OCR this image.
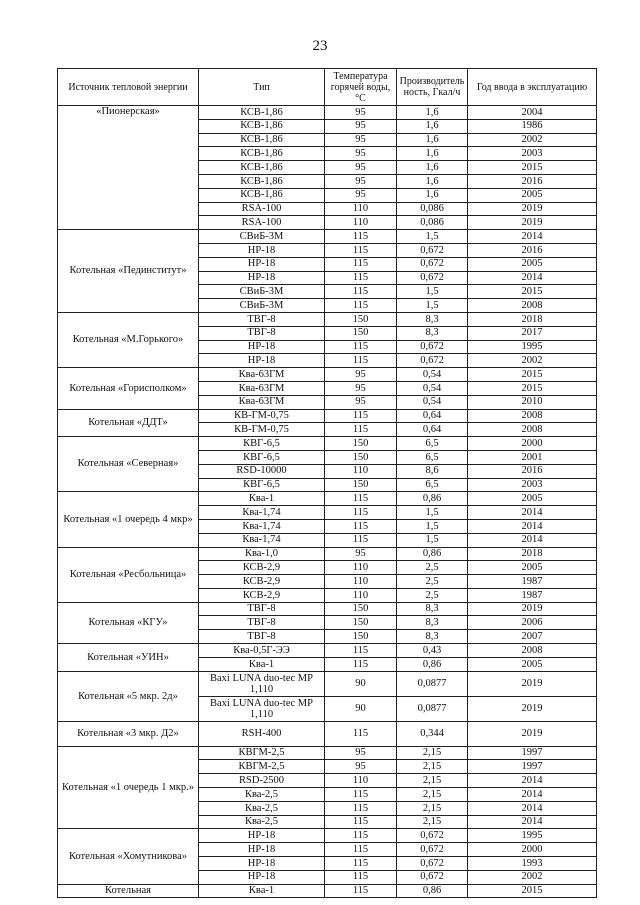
23
Источник тепловой энергии	Тип	Температура горячей воды, °С	Производитель ность, Гкал/ч	Год ввода в эксплуатацию
«Пионерская»	КСВ-1,86	95	1,6	2004
	КСВ-1,86	95	1,6	1986
	КСВ-1,86	95	1,6	2002
	КСВ-1,86	95	1,6	2003
	КСВ-1,86	95	1,6	2015
	КСВ-1,86	95	1,6	2016
	КСВ-1,86	95	1,6	2005
	RSA-100	110	0,086	2019
	RSA-100	110	0,086	2019
Котельная «Пединститут»	СВиБ-3М	115	1,5	2014
	НР-18	115	0,672	2016
	НР-18	115	0,672	2005
	НР-18	115	0,672	2014
	СВиБ-3М	115	1,5	2015
	СВиБ-3М	115	1,5	2008
Котельная «М.Горького»	ТВГ-8	150	8,3	2018
	ТВГ-8	150	8,3	2017
	НР-18	115	0,672	1995
	НР-18	115	0,672	2002
Котельная «Горисполком»	Ква-63ГМ	95	0,54	2015
	Ква-63ГМ	95	0,54	2015
	Ква-63ГМ	95	0,54	2010
Котельная «ДДТ»	КВ-ГМ-0,75	115	0,64	2008
	КВ-ГМ-0,75	115	0,64	2008
Котельная «Северная»	КВГ-6,5	150	6,5	2000
	КВГ-6,5	150	6,5	2001
	RSD-10000	110	8,6	2016
	КВГ-6,5	150	6,5	2003
Котельная «1 очередь 4 мкр»	Ква-1	115	0,86	2005
	Ква-1,74	115	1,5	2014
	Ква-1,74	115	1,5	2014
	Ква-1,74	115	1,5	2014
Котельная «Ресбольница»	Ква-1,0	95	0,86	2018
	КСВ-2,9	110	2,5	2005
	КСВ-2,9	110	2,5	1987
	КСВ-2,9	110	2,5	1987
Котельная «КГУ»	ТВГ-8	150	8,3	2019
	ТВГ-8	150	8,3	2006
	ТВГ-8	150	8,3	2007
Котельная «УИН»	Ква-0,5Г-ЭЭ	115	0,43	2008
	Ква-1	115	0,86	2005
Котельная «5 мкр. 2д»	Baxi LUNA duo-tec MP 1,110	90	0,0877	2019
	Baxi LUNA duo-tec MP 1,110	90	0,0877	2019
Котельная «3 мкр. Д2»	RSH-400	115	0,344	2019
Котельная «1 очередь 1 мкр.»	КВГМ-2,5	95	2,15	1997
	КВГМ-2,5	95	2,15	1997
	RSD-2500	110	2,15	2014
	Ква-2,5	115	2,15	2014
	Ква-2,5	115	2,15	2014
	Ква-2,5	115	2,15	2014
Котельная «Хомутникова»	НР-18	115	0,672	1995
	НР-18	115	0,672	2000
	НР-18	115	0,672	1993
	НР-18	115	0,672	2002
Котельная	Ква-1	115	0,86	2015
